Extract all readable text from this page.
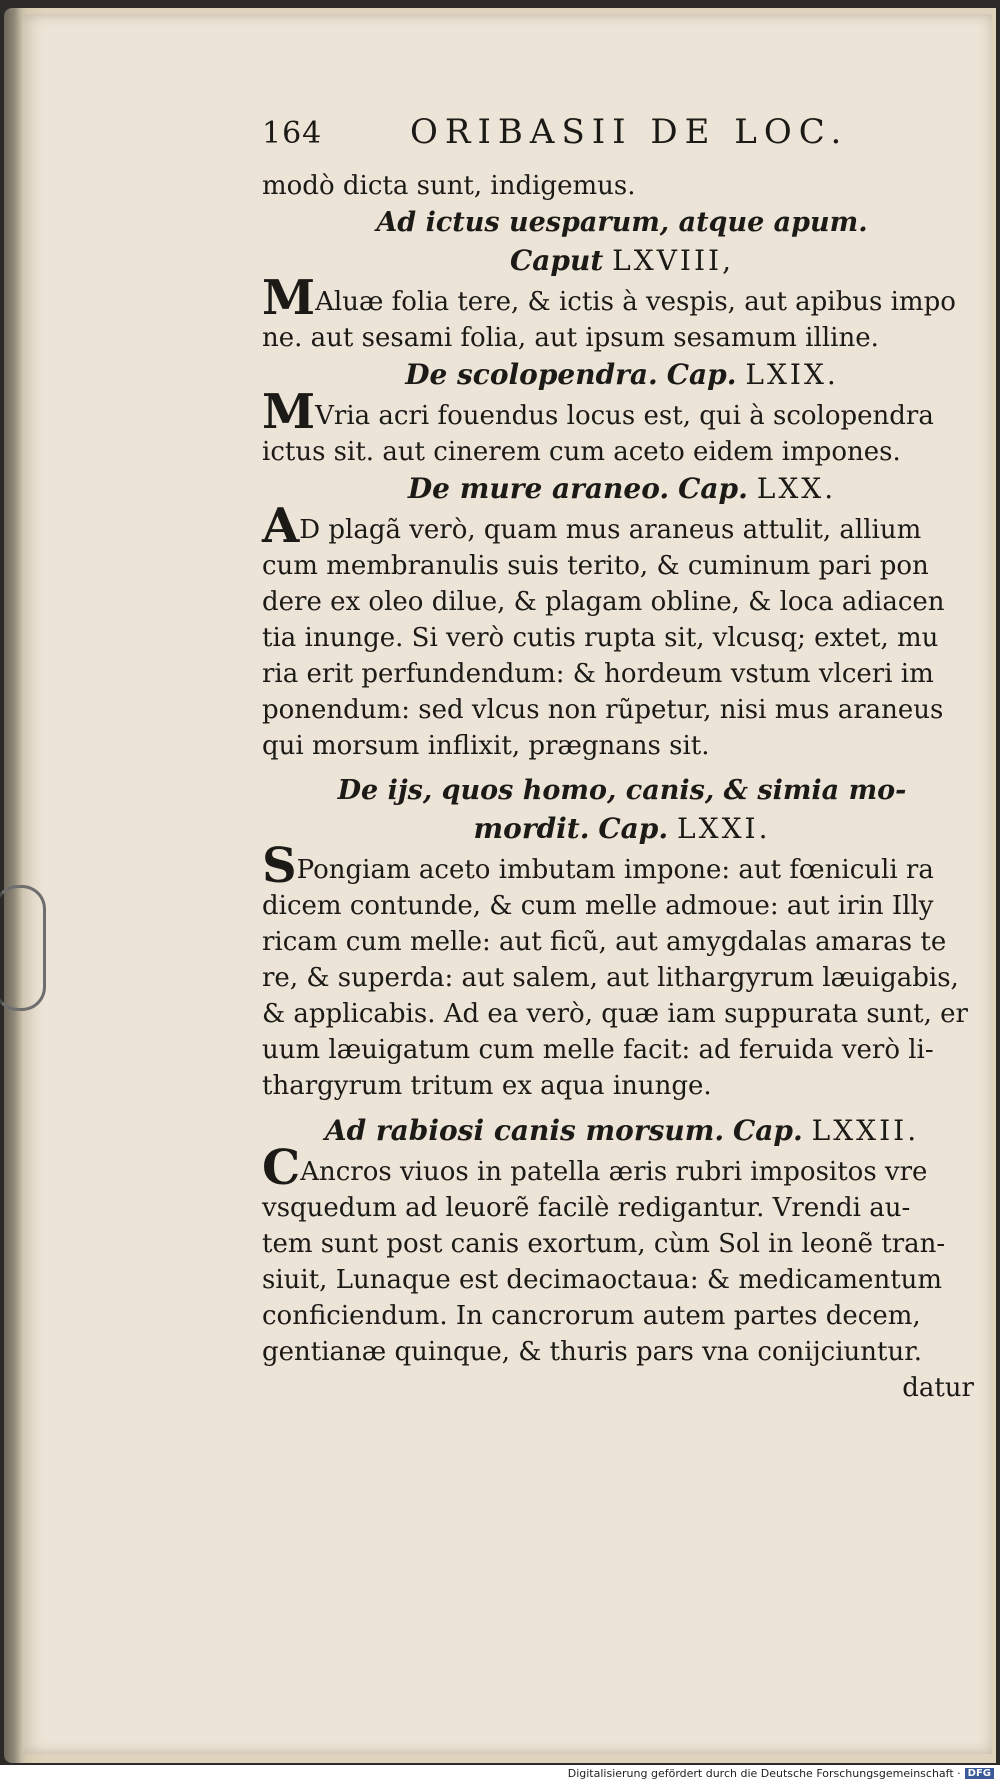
164	ORIBASII DE LOC.
modò dicta sunt, indigemus.
Ad ictus uesparum, atque apum.
Caput LXVIII,
MAluæ folia tere, & ictis à vespis, aut apibus impo
ne. aut sesami folia, aut ipsum sesamum illine.
De scolopendra. Cap. LXIX.
MVria acri fouendus locus est, qui à scolopendra
ictus sit. aut cinerem cum aceto eidem impones.
De mure araneo. Cap. LXX.
AD plagã verò, quam mus araneus attulit, allium
cum membranulis suis terito, & cuminum pari pon
dere ex oleo dilue, & plagam obline, & loca adiacen
tia inunge. Si verò cutis rupta sit, vlcusq; extet, mu
ria erit perfundendum: & hordeum vstum vlceri im
ponendum: sed vlcus non rũpetur, nisi mus araneus
qui morsum inflixit, prægnans sit.
De ijs, quos homo, canis, & simia mo-
mordit. Cap. LXXI.
SPongiam aceto imbutam impone: aut fœniculi ra
dicem contunde, & cum melle admoue: aut irin Illy
ricam cum melle: aut ficũ, aut amygdalas amaras te
re, & superda: aut salem, aut lithargyrum læuigabis,
& applicabis. Ad ea verò, quæ iam suppurata sunt, er
uum læuigatum cum melle facit: ad feruida verò li-
thargyrum tritum ex aqua inunge.
Ad rabiosi canis morsum. Cap. LXXII.
CAncros viuos in patella æris rubri impositos vre
vsquedum ad leuorẽ facilè redigantur. Vrendi au-
tem sunt post canis exortum, cùm Sol in leonẽ tran-
siuit, Lunaque est decimaoctaua: & medicamentum
conficiendum. In cancrorum autem partes decem,
gentianæ quinque, & thuris pars vna conijciuntur.
datur
Digitalisierung gefördert durch die Deutsche Forschungsgemeinschaft · DFG
